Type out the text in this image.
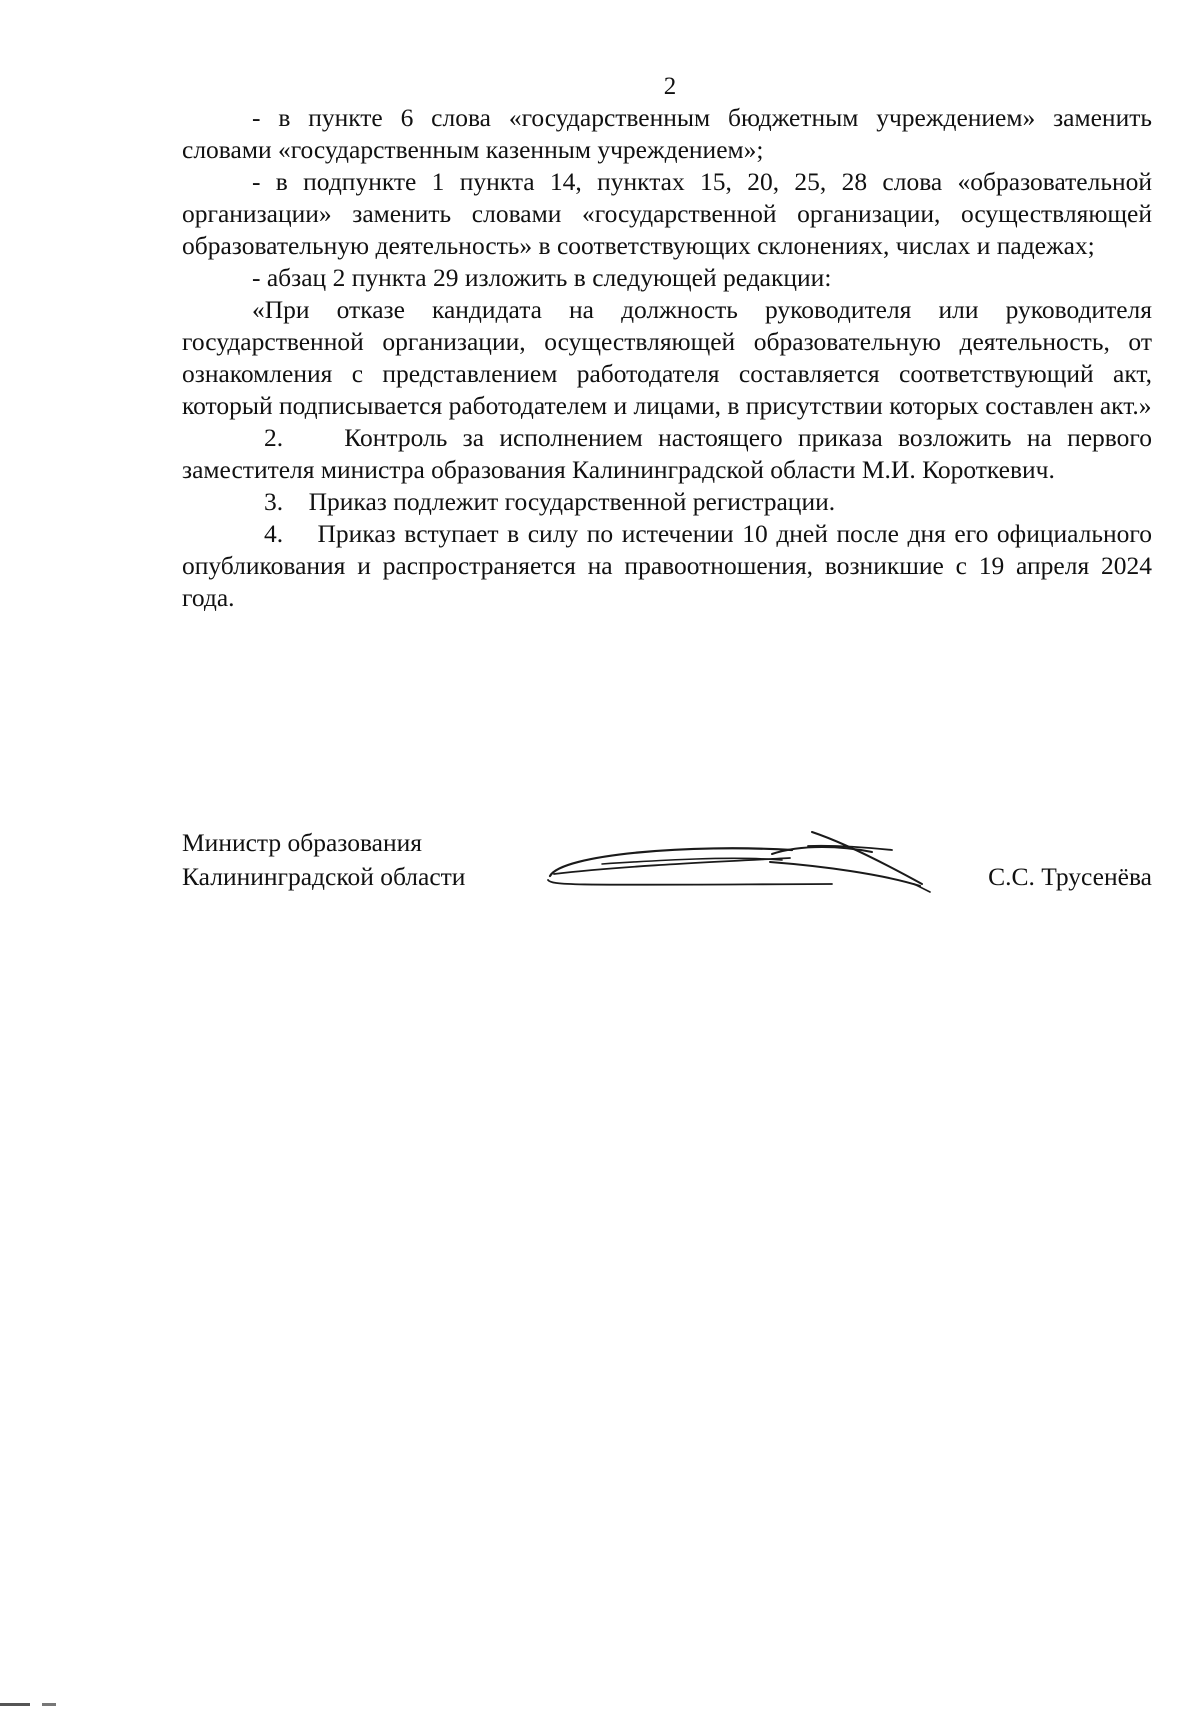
2

- в пункте 6 слова «государственным бюджетным учреждением» заменить словами «государственным казенным учреждением»;

- в подпункте 1 пункта 14, пунктах 15, 20, 25, 28 слова «образовательной организации» заменить словами «государственной организации, осуществляющей образовательную деятельность» в соответствующих склонениях, числах и падежах;

- абзац 2 пункта 29 изложить в следующей редакции:

«При отказе кандидата на должность руководителя или руководителя государственной организации, осуществляющей образовательную деятельность, от ознакомления с представлением работодателя составляется соответствующий акт, который подписывается работодателем и лицами, в присутствии которых составлен акт.»

2.    Контроль за исполнением настоящего приказа возложить на первого заместителя министра образования Калининградской области М.И. Короткевич.

3.    Приказ подлежит государственной регистрации.

4.    Приказ вступает в силу по истечении 10 дней после дня его официального опубликования и распространяется на правоотношения, возникшие с 19 апреля 2024 года.

Министр образования
Калининградской области	С.С. Трусенёва
